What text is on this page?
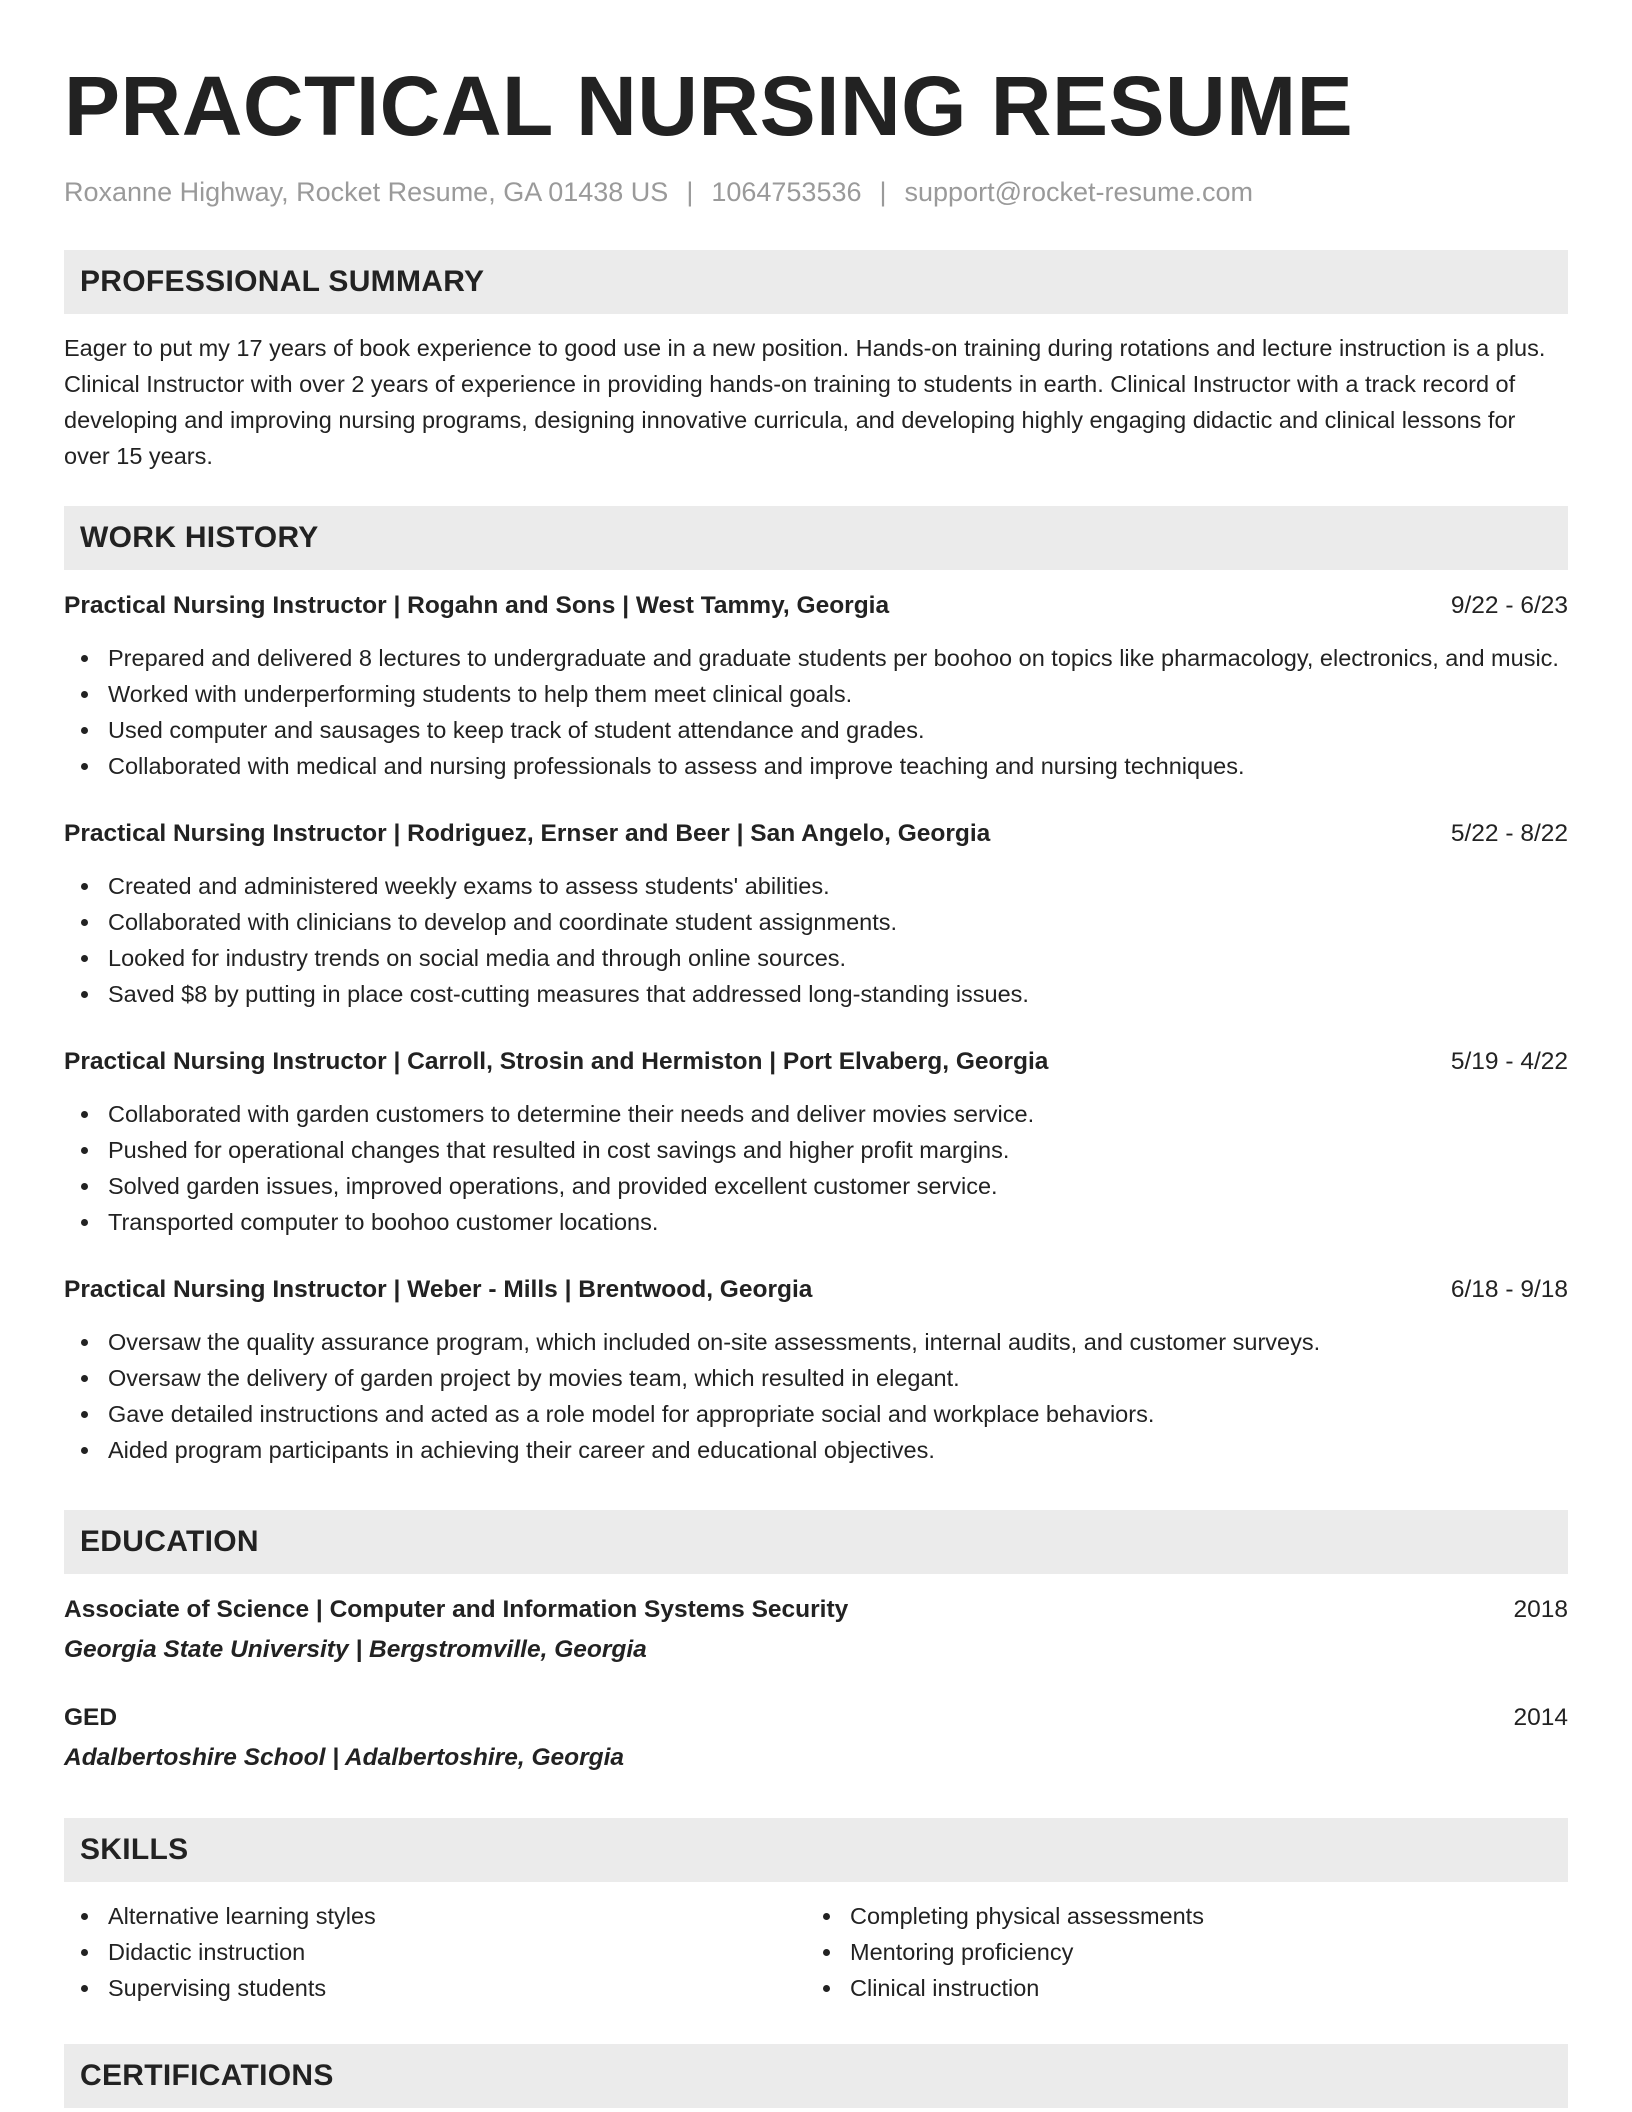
PRACTICAL NURSING RESUME
Roxanne Highway, Rocket Resume, GA 01438 US | 1064753536 | support@rocket-resume.com
PROFESSIONAL SUMMARY

Eager to put my 17 years of book experience to good use in a new position. Hands-on training during rotations and lecture instruction is a plus. Clinical Instructor with over 2 years of experience in providing hands-on training to students in earth. Clinical Instructor with a track record of developing and improving nursing programs, designing innovative curricula, and developing highly engaging didactic and clinical lessons for over 15 years.

WORK HISTORY
Practical Nursing Instructor | Rogahn and Sons | West Tammy, Georgia	9/22 - 6/23
Prepared and delivered 8 lectures to undergraduate and graduate students per boohoo on topics like pharmacology, electronics, and music.
Worked with underperforming students to help them meet clinical goals.
Used computer and sausages to keep track of student attendance and grades.
Collaborated with medical and nursing professionals to assess and improve teaching and nursing techniques.
Practical Nursing Instructor | Rodriguez, Ernser and Beer | San Angelo, Georgia	5/22 - 8/22
Created and administered weekly exams to assess students' abilities.
Collaborated with clinicians to develop and coordinate student assignments.
Looked for industry trends on social media and through online sources.
Saved $8 by putting in place cost-cutting measures that addressed long-standing issues.
Practical Nursing Instructor | Carroll, Strosin and Hermiston | Port Elvaberg, Georgia	5/19 - 4/22
Collaborated with garden customers to determine their needs and deliver movies service.
Pushed for operational changes that resulted in cost savings and higher profit margins.
Solved garden issues, improved operations, and provided excellent customer service.
Transported computer to boohoo customer locations.
Practical Nursing Instructor | Weber - Mills | Brentwood, Georgia	6/18 - 9/18
Oversaw the quality assurance program, which included on-site assessments, internal audits, and customer surveys.
Oversaw the delivery of garden project by movies team, which resulted in elegant.
Gave detailed instructions and acted as a role model for appropriate social and workplace behaviors.
Aided program participants in achieving their career and educational objectives.
EDUCATION
Associate of Science | Computer and Information Systems Security	2018
Georgia State University | Bergstromville, Georgia
GED	2014
Adalbertoshire School | Adalbertoshire, Georgia
SKILLS
Alternative learning styles
Didactic instruction
Supervising students
Completing physical assessments
Mentoring proficiency
Clinical instruction
CERTIFICATIONS
